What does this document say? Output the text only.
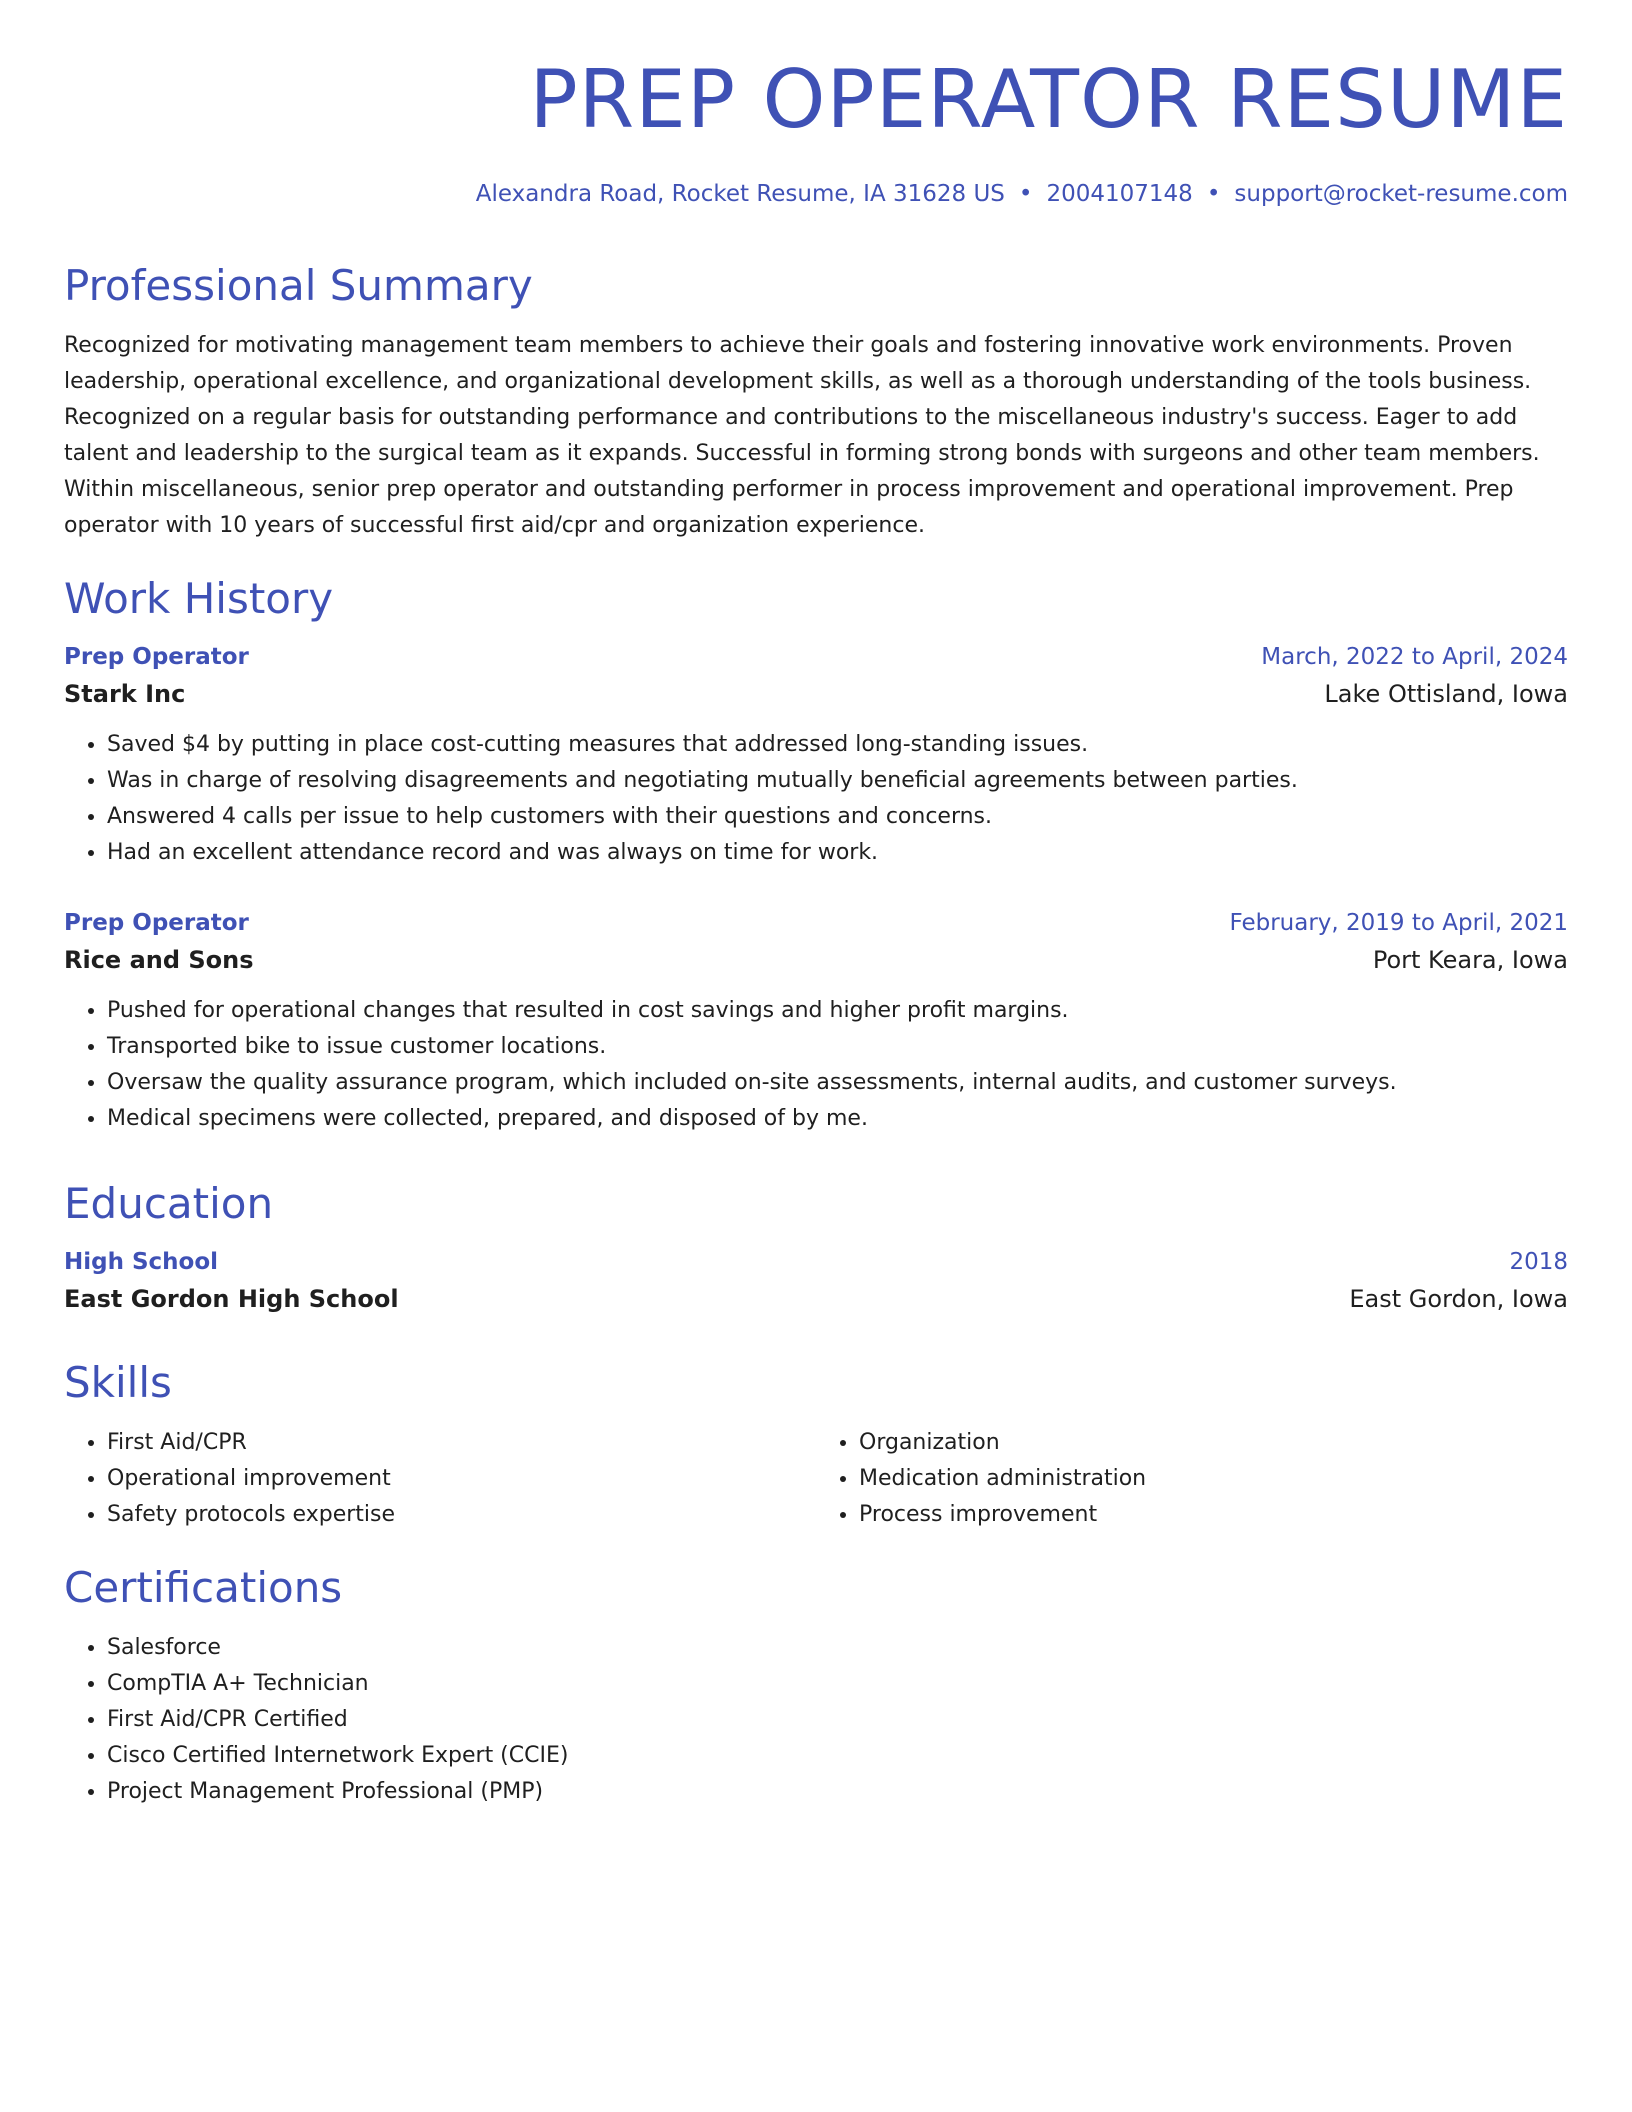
PREP OPERATOR RESUME
Alexandra Road, Rocket Resume, IA 31628 US • 2004107148 • support@rocket-resume.com
Professional Summary

Recognized for motivating management team members to achieve their goals and fostering innovative work environments. Proven leadership, operational excellence, and organizational development skills, as well as a thorough understanding of the tools business. Recognized on a regular basis for outstanding performance and contributions to the miscellaneous industry's success. Eager to add talent and leadership to the surgical team as it expands. Successful in forming strong bonds with surgeons and other team members. Within miscellaneous, senior prep operator and outstanding performer in process improvement and operational improvement. Prep operator with 10 years of successful first aid/cpr and organization experience.

Work History
Prep Operator	March, 2022 to April, 2024
Stark Inc	Lake Ottisland, Iowa
• Saved $4 by putting in place cost-cutting measures that addressed long-standing issues.
• Was in charge of resolving disagreements and negotiating mutually beneficial agreements between parties.
• Answered 4 calls per issue to help customers with their questions and concerns.
• Had an excellent attendance record and was always on time for work.
Prep Operator	February, 2019 to April, 2021
Rice and Sons	Port Keara, Iowa
• Pushed for operational changes that resulted in cost savings and higher profit margins.
• Transported bike to issue customer locations.
• Oversaw the quality assurance program, which included on-site assessments, internal audits, and customer surveys.
• Medical specimens were collected, prepared, and disposed of by me.
Education
High School	2018
East Gordon High School	East Gordon, Iowa
Skills
• First Aid/CPR
• Operational improvement
• Safety protocols expertise
• Organization
• Medication administration
• Process improvement
Certifications
• Salesforce
• CompTIA A+ Technician
• First Aid/CPR Certified
• Cisco Certified Internetwork Expert (CCIE)
• Project Management Professional (PMP)
